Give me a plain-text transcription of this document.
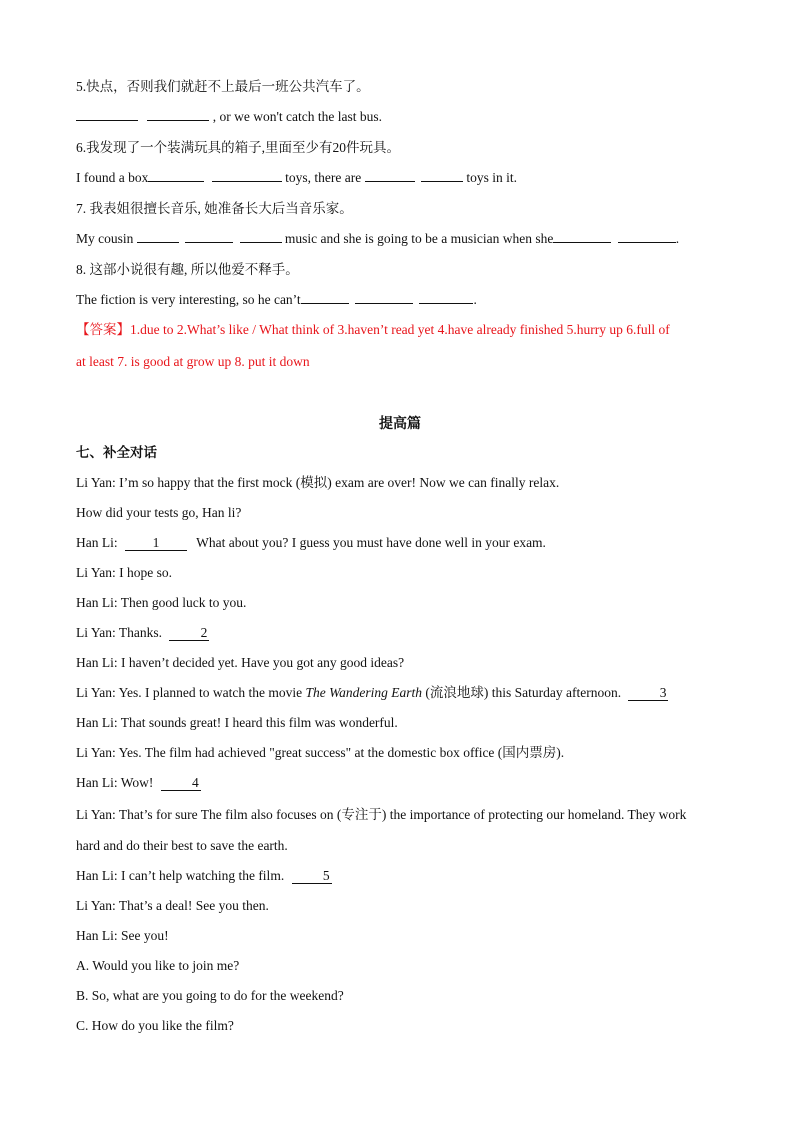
5.快点，否则我们就赶不上最后一班公共汽车了。
, or we won't catch the last bus.
6.我发现了一个装满玩具的箱子,里面至少有20件玩具。
I found a box	toys, there are	toys in it.
7. 我表姐很擅长音乐, 她准备长大后当音乐家。
My cousin	music and she is going to be a musician when she	.
8. 这部小说很有趣, 所以他爱不释手。
The fiction is very interesting, so he can’t	.
【答案】1.due to 2.What’s like / What think of 3.haven’t read yet 4.have already finished 5.hurry up 6.full of
at least 7. is good at grow up 8. put it down
提高篇
七、补全对话
Li Yan: I’m so happy that the first mock (模拟) exam are over! Now we can finally relax.
How did your tests go, Han li?
Han Li:	1	What about you? I guess you must have done well in your exam.
Li Yan: I hope so.
Han Li: Then good luck to you.
Li Yan: Thanks.	2
Han Li: I haven’t decided yet. Have you got any good ideas?
Li Yan: Yes. I planned to watch the movie The Wandering Earth (流浪地球) this Saturday afternoon.	3
Han Li: That sounds great! I heard this film was wonderful.
Li Yan: Yes. The film had achieved "great success" at the domestic box office (国内票房).
Han Li: Wow!	4
Li Yan: That’s for sure The film also focuses on (专注于) the importance of protecting our homeland. They work
hard and do their best to save the earth.
Han Li: I can’t help watching the film.	5
Li Yan: That’s a deal! See you then.
Han Li: See you!
A. Would you like to join me?
B. So, what are you going to do for the weekend?
C. How do you like the film?
